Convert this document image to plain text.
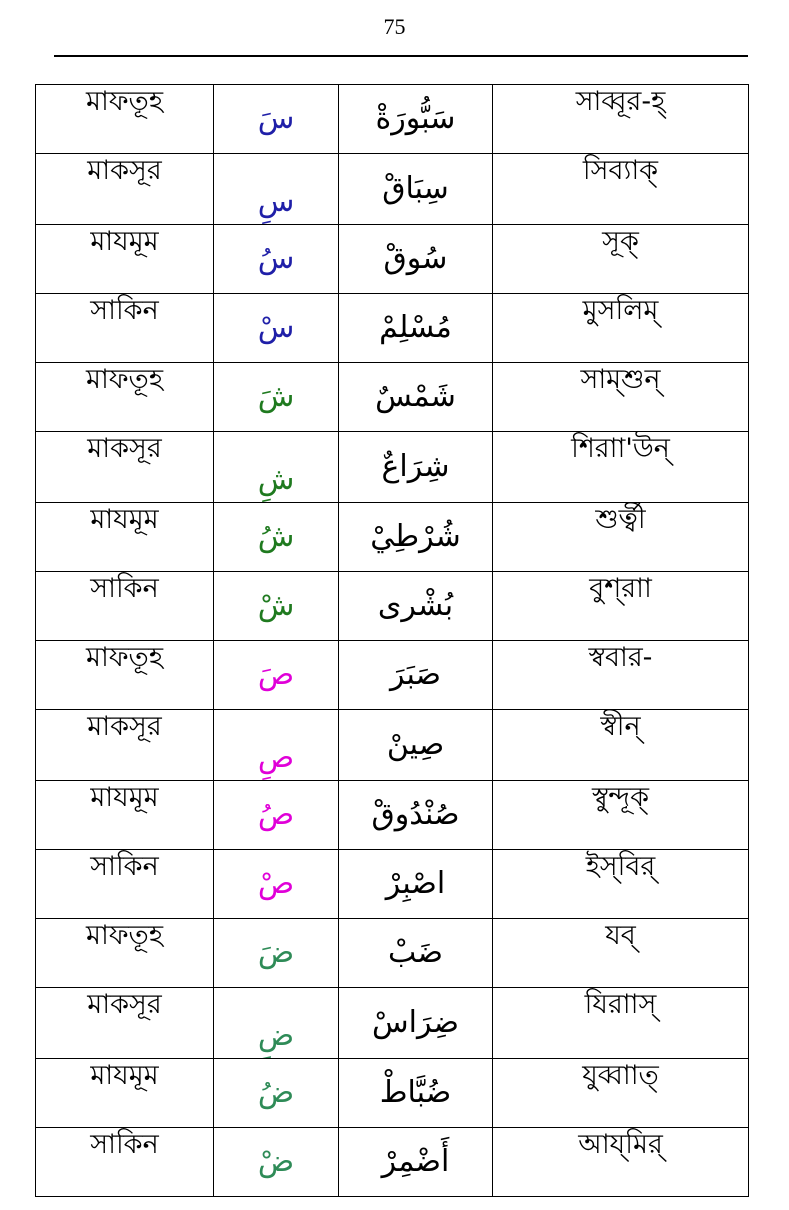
75
মাফতূহ	سَ	سَبُّورَةْ	সাব্বূর-হ্
মাকসূর	سِ	سِبَاقْ	সিব্যাক্
মাযমূম	سُ	سُوقْ	সূক্
সাকিন	سْ	مُسْلِمْ	মুসলিম্
মাফতূহ	شَ	شَمْسٌ	সাম্শুন্
মাকসূর	شِ	شِرَاعٌ	শিরাা'উন্
মাযমূম	شُ	شُرْطِيْ	শুর্ত্বী
সাকিন	شْ	بُشْرى	বুশ্‌রাা
মাফতূহ	صَ	صَبَرَ	স্ববার-
মাকসূর	صِ	صِينْ	স্বীন্
মাযমূম	صُ	صُنْدُوقْ	স্বুন্দূক্
সাকিন	صْ	اصْبِرْ	ইস্‌বির্
মাফতূহ	ضَ	ضَبْ	যব্
মাকসূর	ضِ	ضِرَاسْ	যিরাাস্
মাযমূম	ضُ	ضُبَّاطْ	যুব্বাাত্
সাকিন	ضْ	أَضْمِرْ	আয্‌মির্
